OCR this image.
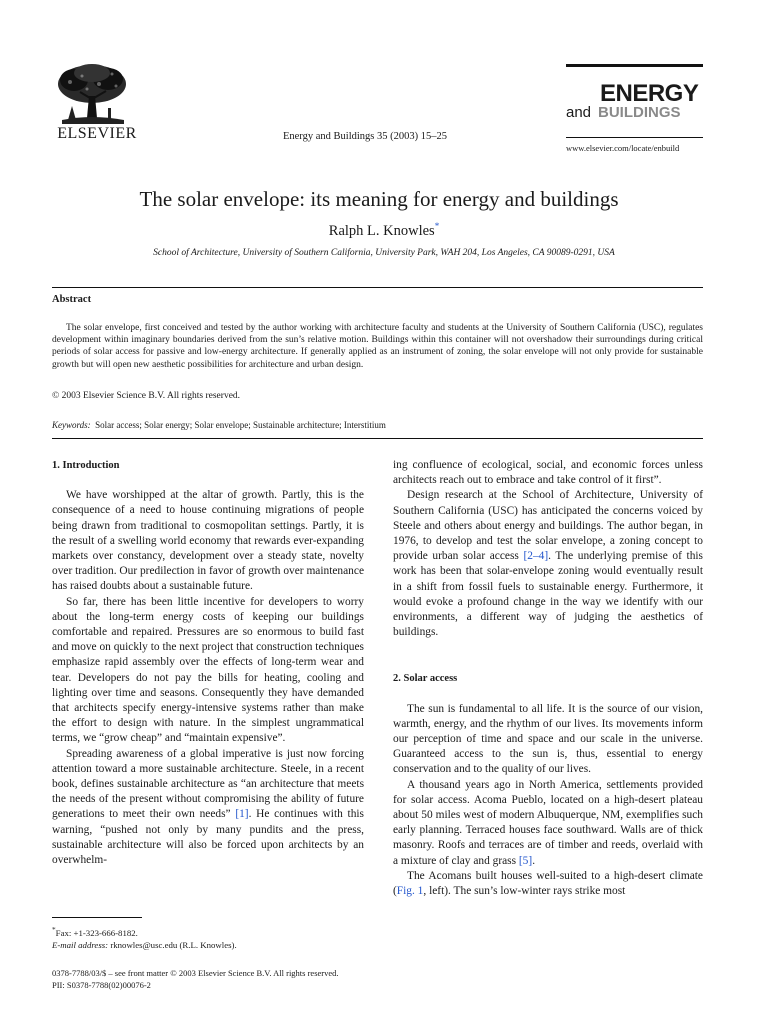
ELSEVIER	Energy and Buildings 35 (2003) 15–25
ENERGY
and BUILDINGS
www.elsevier.com/locate/enbuild
The solar envelope: its meaning for energy and buildings
Ralph L. Knowles*
School of Architecture, University of Southern California, University Park, WAH 204, Los Angeles, CA 90089-0291, USA
Abstract
The solar envelope, first conceived and tested by the author working with architecture faculty and students at the University of Southern California (USC), regulates development within imaginary boundaries derived from the sun’s relative motion. Buildings within this container will not overshadow their surroundings during critical periods of solar access for passive and low-energy architecture. If generally applied as an instrument of zoning, the solar envelope will not only provide for sustainable growth but will open new aesthetic possibilities for architecture and urban design.
© 2003 Elsevier Science B.V. All rights reserved.
Keywords: Solar access; Solar energy; Solar envelope; Sustainable architecture; Interstitium
1. Introduction

We have worshipped at the altar of growth. Partly, this is the consequence of a need to house continuing migrations of people being drawn from traditional to cosmopolitan settings. Partly, it is the result of a swelling world economy that rewards ever-expanding markets over constancy, development over a steady state, novelty over tradition. Our predilection in favor of growth over maintenance has raised doubts about a sustainable future.

So far, there has been little incentive for developers to worry about the long-term energy costs of keeping our buildings comfortable and repaired. Pressures are so enormous to build fast and move on quickly to the next project that construction techniques emphasize rapid assembly over the effects of long-term wear and tear. Developers do not pay the bills for heating, cooling and lighting over time and seasons. Consequently they have demanded that architects specify energy-intensive systems rather than make the effort to design with nature. In the simplest ungrammatical terms, we “grow cheap” and “maintain expensive”.

Spreading awareness of a global imperative is just now forcing attention toward a more sustainable architecture. Steele, in a recent book, defines sustainable architecture as “an architecture that meets the needs of the present without compromising the ability of future generations to meet their own needs” [1]. He continues with this warning, “pushed not only by many pundits and the press, sustainable architecture will also be forced upon architects by an overwhelm-

*Fax: +1-323-666-8182.
E-mail address: rknowles@usc.edu (R.L. Knowles).

ing confluence of ecological, social, and economic forces unless architects reach out to embrace and take control of it first”.

Design research at the School of Architecture, University of Southern California (USC) has anticipated the concerns voiced by Steele and others about energy and buildings. The author began, in 1976, to develop and test the solar envelope, a zoning concept to provide urban solar access [2–4]. The underlying premise of this work has been that solar-envelope zoning would eventually result in a shift from fossil fuels to sustainable energy. Furthermore, it would evoke a profound change in the way we identify with our environments, a different way of judging the aesthetics of buildings.

2. Solar access

The sun is fundamental to all life. It is the source of our vision, warmth, energy, and the rhythm of our lives. Its movements inform our perception of time and space and our scale in the universe. Guaranteed access to the sun is, thus, essential to energy conservation and to the quality of our lives.

A thousand years ago in North America, settlements provided for solar access. Acoma Pueblo, located on a high-desert plateau about 50 miles west of modern Albuquerque, NM, exemplifies such early planning. Terraced houses face southward. Walls are of thick masonry. Roofs and terraces are of timber and reeds, overlaid with a mixture of clay and grass [5].

The Acomans built houses well-suited to a high-desert climate (Fig. 1, left). The sun’s low-winter rays strike most

0378-7788/03/$ – see front matter © 2003 Elsevier Science B.V. All rights reserved.
PII: S0378-7788(02)00076-2
